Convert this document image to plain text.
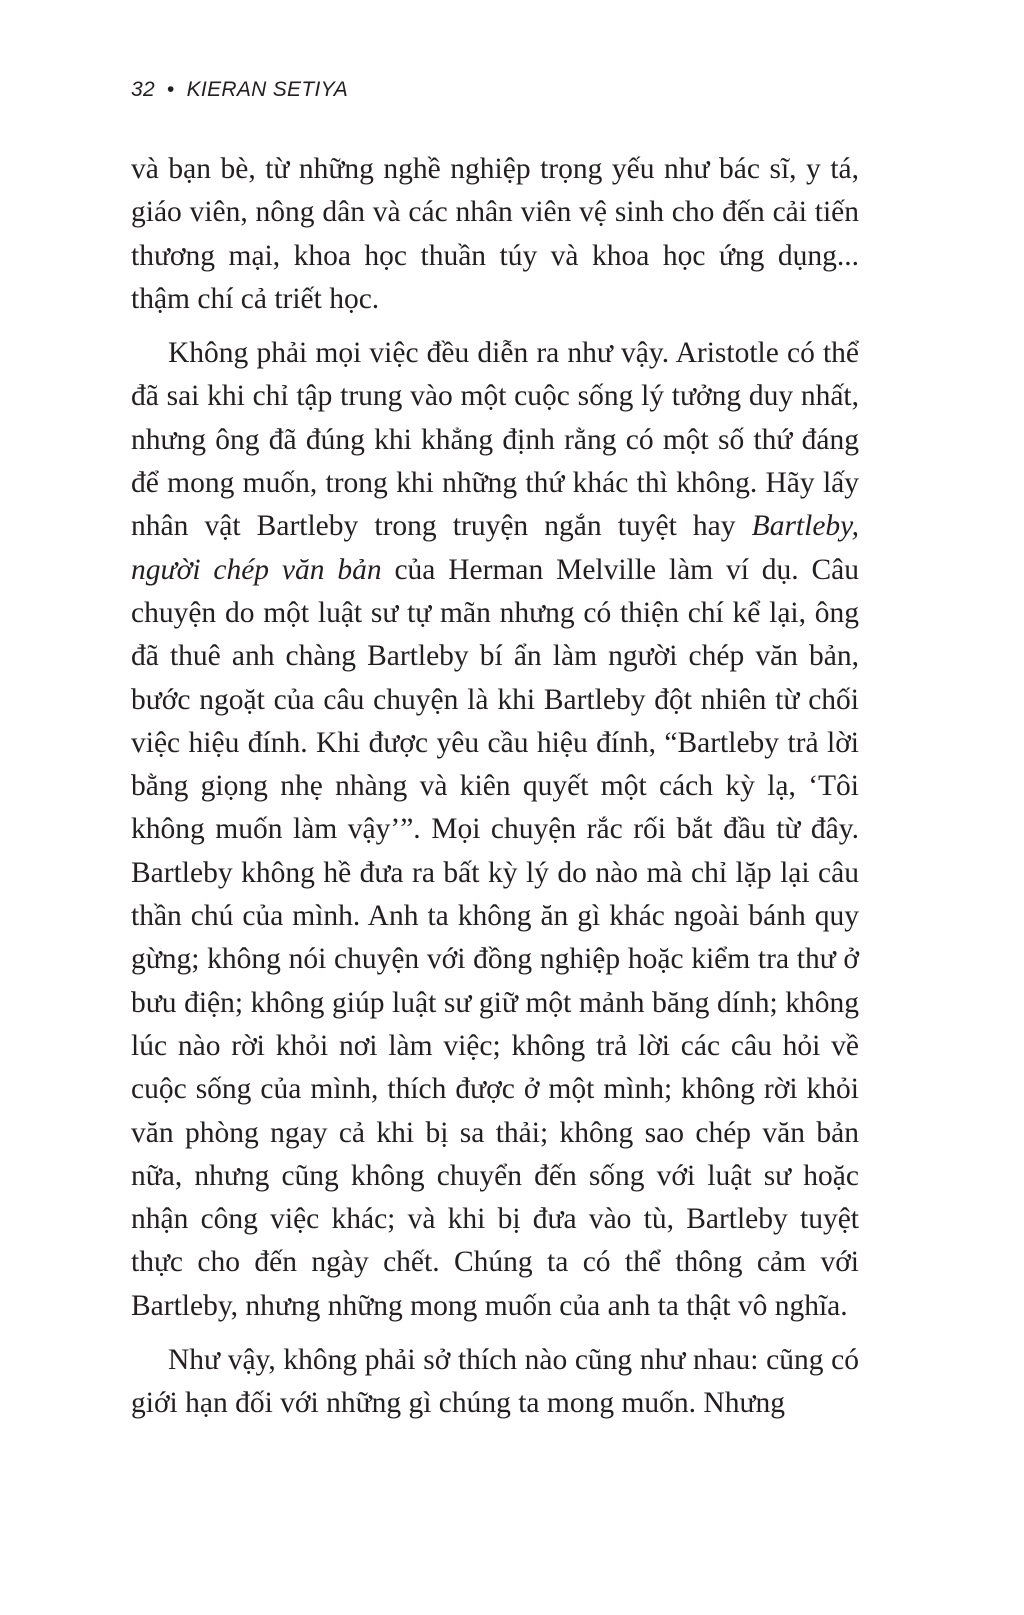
32 • KIERAN SETIYA

và bạn bè, từ những nghề nghiệp trọng yếu như bác sĩ, y tá, giáo viên, nông dân và các nhân viên vệ sinh cho đến cải tiến thương mại, khoa học thuần túy và khoa học ứng dụng... thậm chí cả triết học.

Không phải mọi việc đều diễn ra như vậy. Aristotle có thể đã sai khi chỉ tập trung vào một cuộc sống lý tưởng duy nhất, nhưng ông đã đúng khi khẳng định rằng có một số thứ đáng để mong muốn, trong khi những thứ khác thì không. Hãy lấy nhân vật Bartleby trong truyện ngắn tuyệt hay Bartleby, người chép văn bản của Herman Melville làm ví dụ. Câu chuyện do một luật sư tự mãn nhưng có thiện chí kể lại, ông đã thuê anh chàng Bartleby bí ẩn làm người chép văn bản, bước ngoặt của câu chuyện là khi Bartleby đột nhiên từ chối việc hiệu đính. Khi được yêu cầu hiệu đính, “Bartleby trả lời bằng giọng nhẹ nhàng và kiên quyết một cách kỳ lạ, ‘Tôi không muốn làm vậy’”. Mọi chuyện rắc rối bắt đầu từ đây. Bartleby không hề đưa ra bất kỳ lý do nào mà chỉ lặp lại câu thần chú của mình. Anh ta không ăn gì khác ngoài bánh quy gừng; không nói chuyện với đồng nghiệp hoặc kiểm tra thư ở bưu điện; không giúp luật sư giữ một mảnh băng dính; không lúc nào rời khỏi nơi làm việc; không trả lời các câu hỏi về cuộc sống của mình, thích được ở một mình; không rời khỏi văn phòng ngay cả khi bị sa thải; không sao chép văn bản nữa, nhưng cũng không chuyển đến sống với luật sư hoặc nhận công việc khác; và khi bị đưa vào tù, Bartleby tuyệt thực cho đến ngày chết. Chúng ta có thể thông cảm với Bartleby, nhưng những mong muốn của anh ta thật vô nghĩa.

Như vậy, không phải sở thích nào cũng như nhau: cũng có giới hạn đối với những gì chúng ta mong muốn. Nhưng
